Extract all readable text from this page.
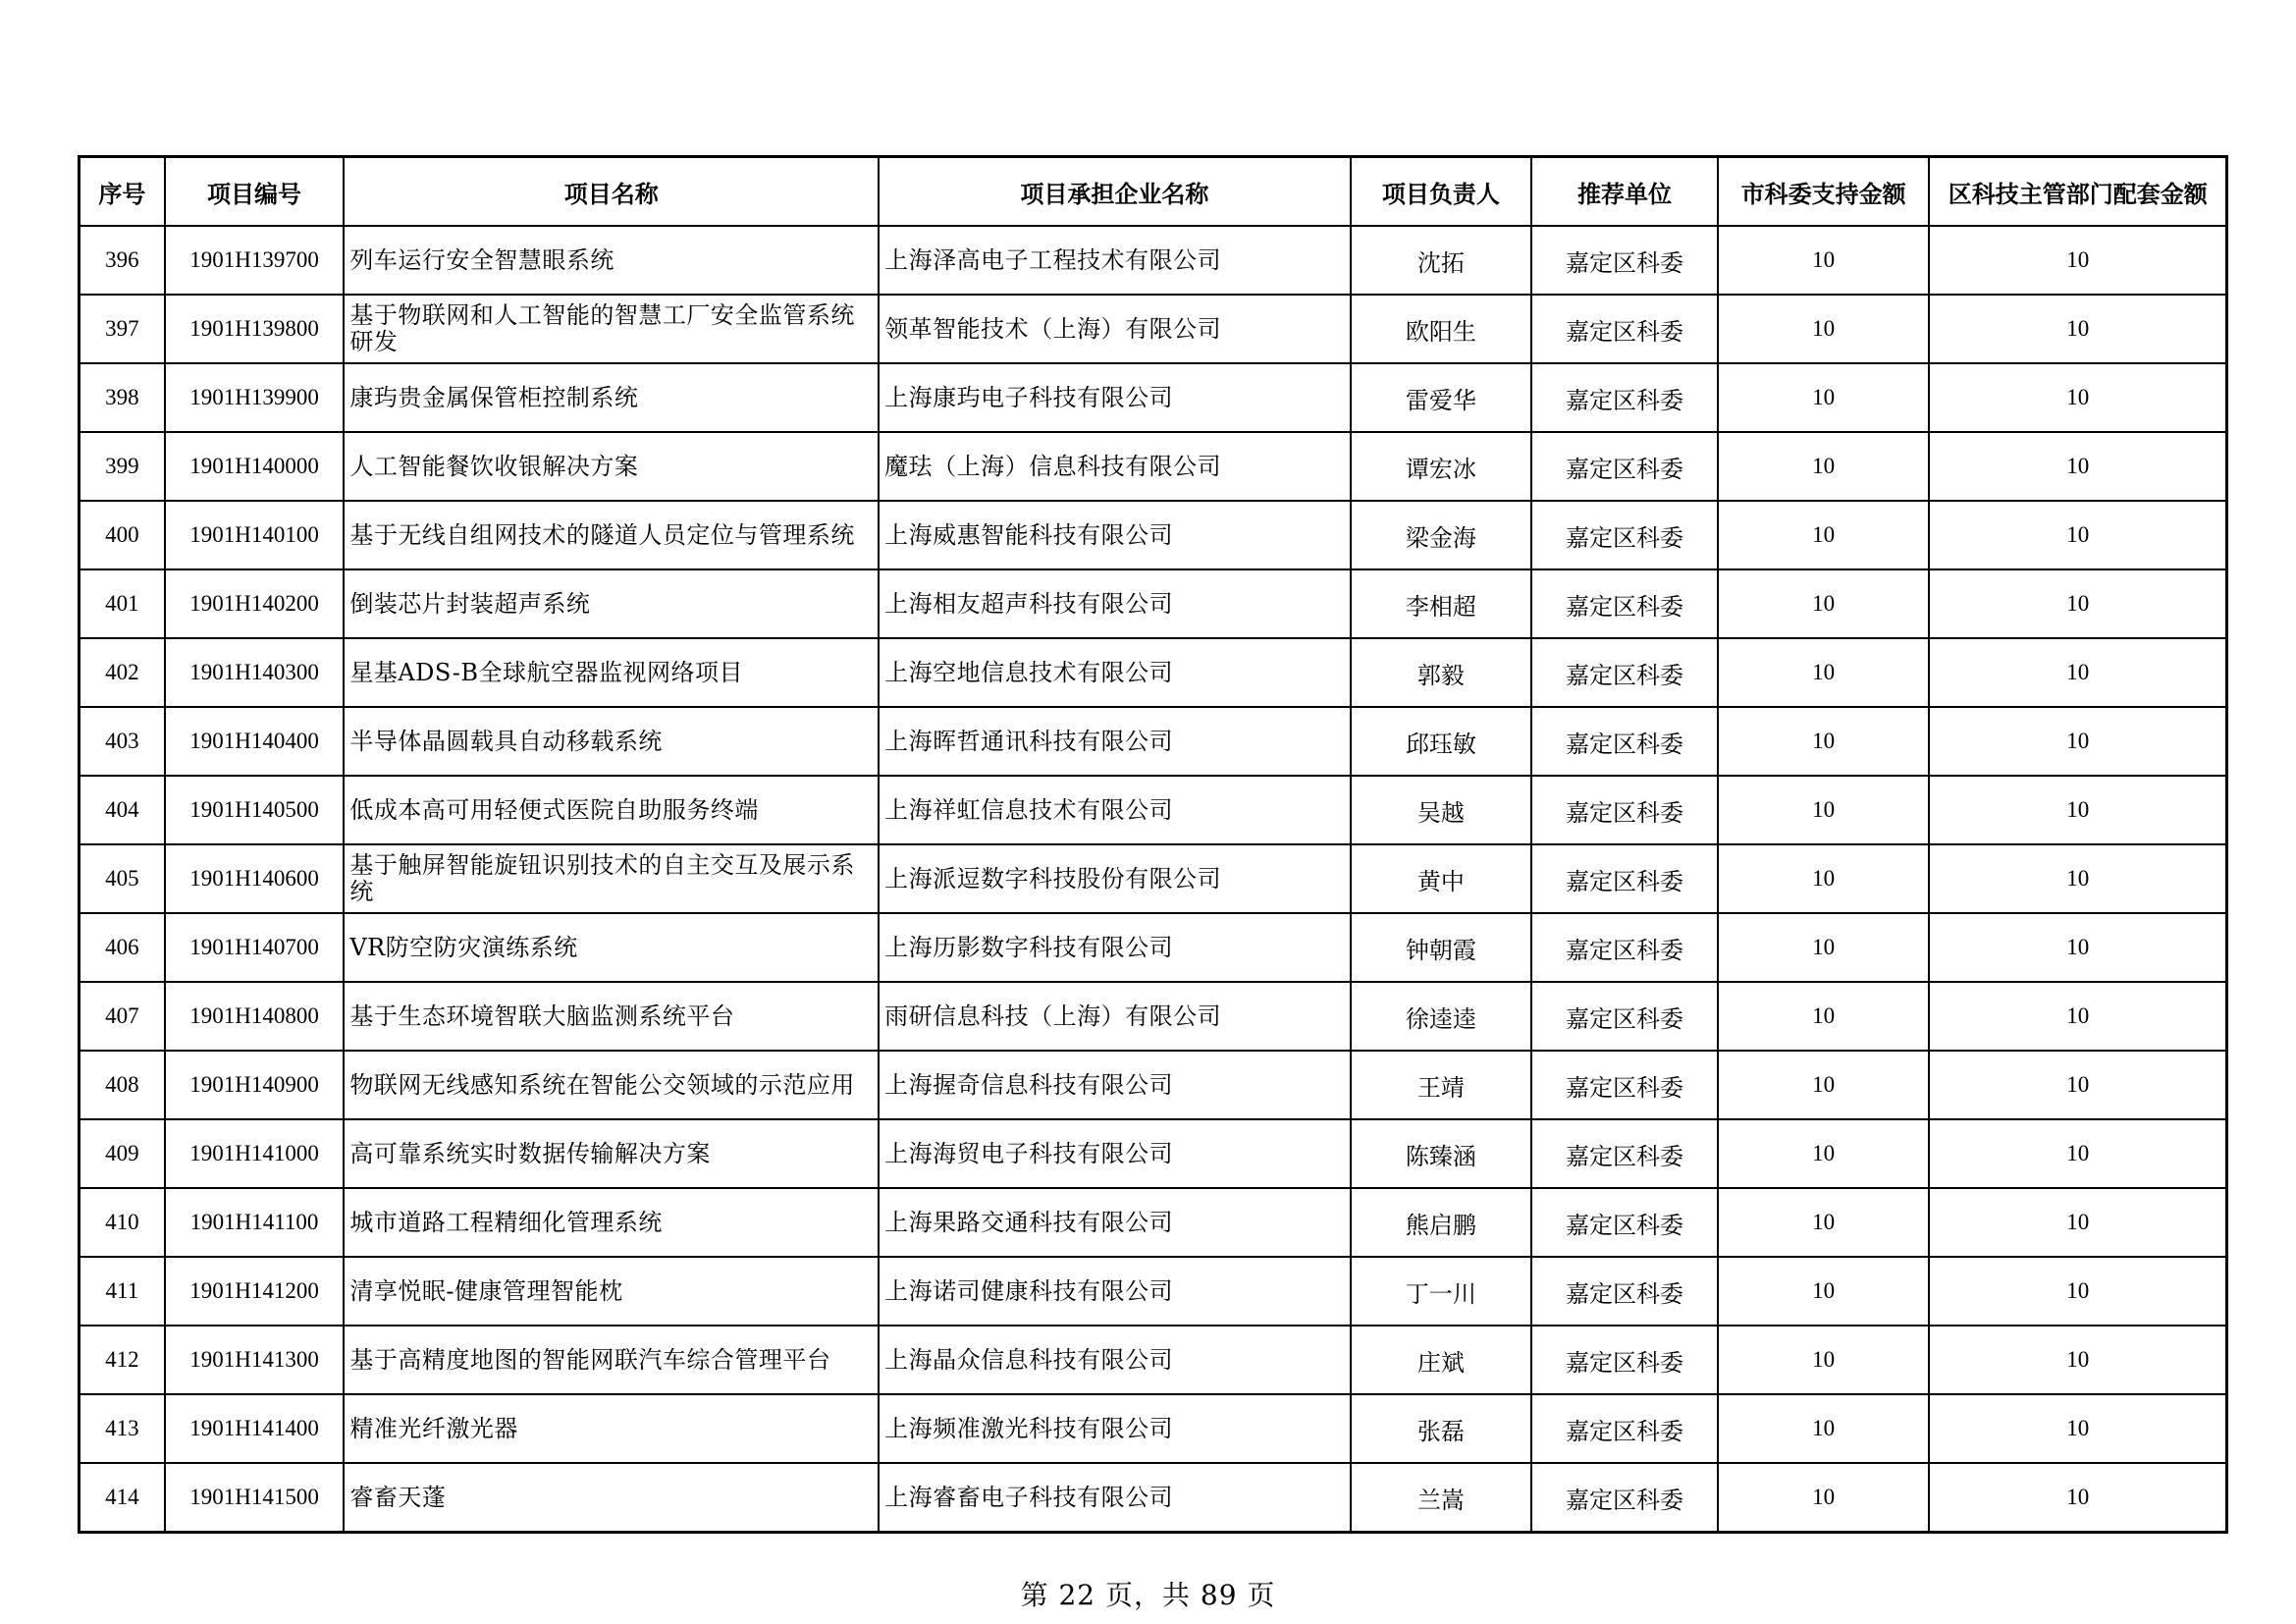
序号	项目编号	项目名称	项目承担企业名称	项目负责人	推荐单位	市科委支持金额	区科技主管部门配套金额
396	1901H139700	列车运行安全智慧眼系统	上海泽高电子工程技术有限公司	沈拓	嘉定区科委	10	10
397	1901H139800	基于物联网和人工智能的智慧工厂安全监管系统研发	领革智能技术（上海）有限公司	欧阳生	嘉定区科委	10	10
398	1901H139900	康玙贵金属保管柜控制系统	上海康玙电子科技有限公司	雷爱华	嘉定区科委	10	10
399	1901H140000	人工智能餐饮收银解决方案	魔珐（上海）信息科技有限公司	谭宏冰	嘉定区科委	10	10
400	1901H140100	基于无线自组网技术的隧道人员定位与管理系统	上海威惠智能科技有限公司	梁金海	嘉定区科委	10	10
401	1901H140200	倒装芯片封装超声系统	上海相友超声科技有限公司	李相超	嘉定区科委	10	10
402	1901H140300	星基ADS-B全球航空器监视网络项目	上海空地信息技术有限公司	郭毅	嘉定区科委	10	10
403	1901H140400	半导体晶圆载具自动移载系统	上海晖哲通讯科技有限公司	邱珏敏	嘉定区科委	10	10
404	1901H140500	低成本高可用轻便式医院自助服务终端	上海祥虹信息技术有限公司	吴越	嘉定区科委	10	10
405	1901H140600	基于触屏智能旋钮识别技术的自主交互及展示系统	上海派逗数字科技股份有限公司	黄中	嘉定区科委	10	10
406	1901H140700	VR防空防灾演练系统	上海历影数字科技有限公司	钟朝霞	嘉定区科委	10	10
407	1901H140800	基于生态环境智联大脑监测系统平台	雨研信息科技（上海）有限公司	徐逵逵	嘉定区科委	10	10
408	1901H140900	物联网无线感知系统在智能公交领域的示范应用	上海握奇信息科技有限公司	王靖	嘉定区科委	10	10
409	1901H141000	高可靠系统实时数据传输解决方案	上海海贸电子科技有限公司	陈臻涵	嘉定区科委	10	10
410	1901H141100	城市道路工程精细化管理系统	上海果路交通科技有限公司	熊启鹏	嘉定区科委	10	10
411	1901H141200	清享悦眠-健康管理智能枕	上海诺司健康科技有限公司	丁一川	嘉定区科委	10	10
412	1901H141300	基于高精度地图的智能网联汽车综合管理平台	上海晶众信息科技有限公司	庄斌	嘉定区科委	10	10
413	1901H141400	精准光纤激光器	上海频准激光科技有限公司	张磊	嘉定区科委	10	10
414	1901H141500	睿畜天蓬	上海睿畜电子科技有限公司	兰嵩	嘉定区科委	10	10
第 22 页，共 89 页
